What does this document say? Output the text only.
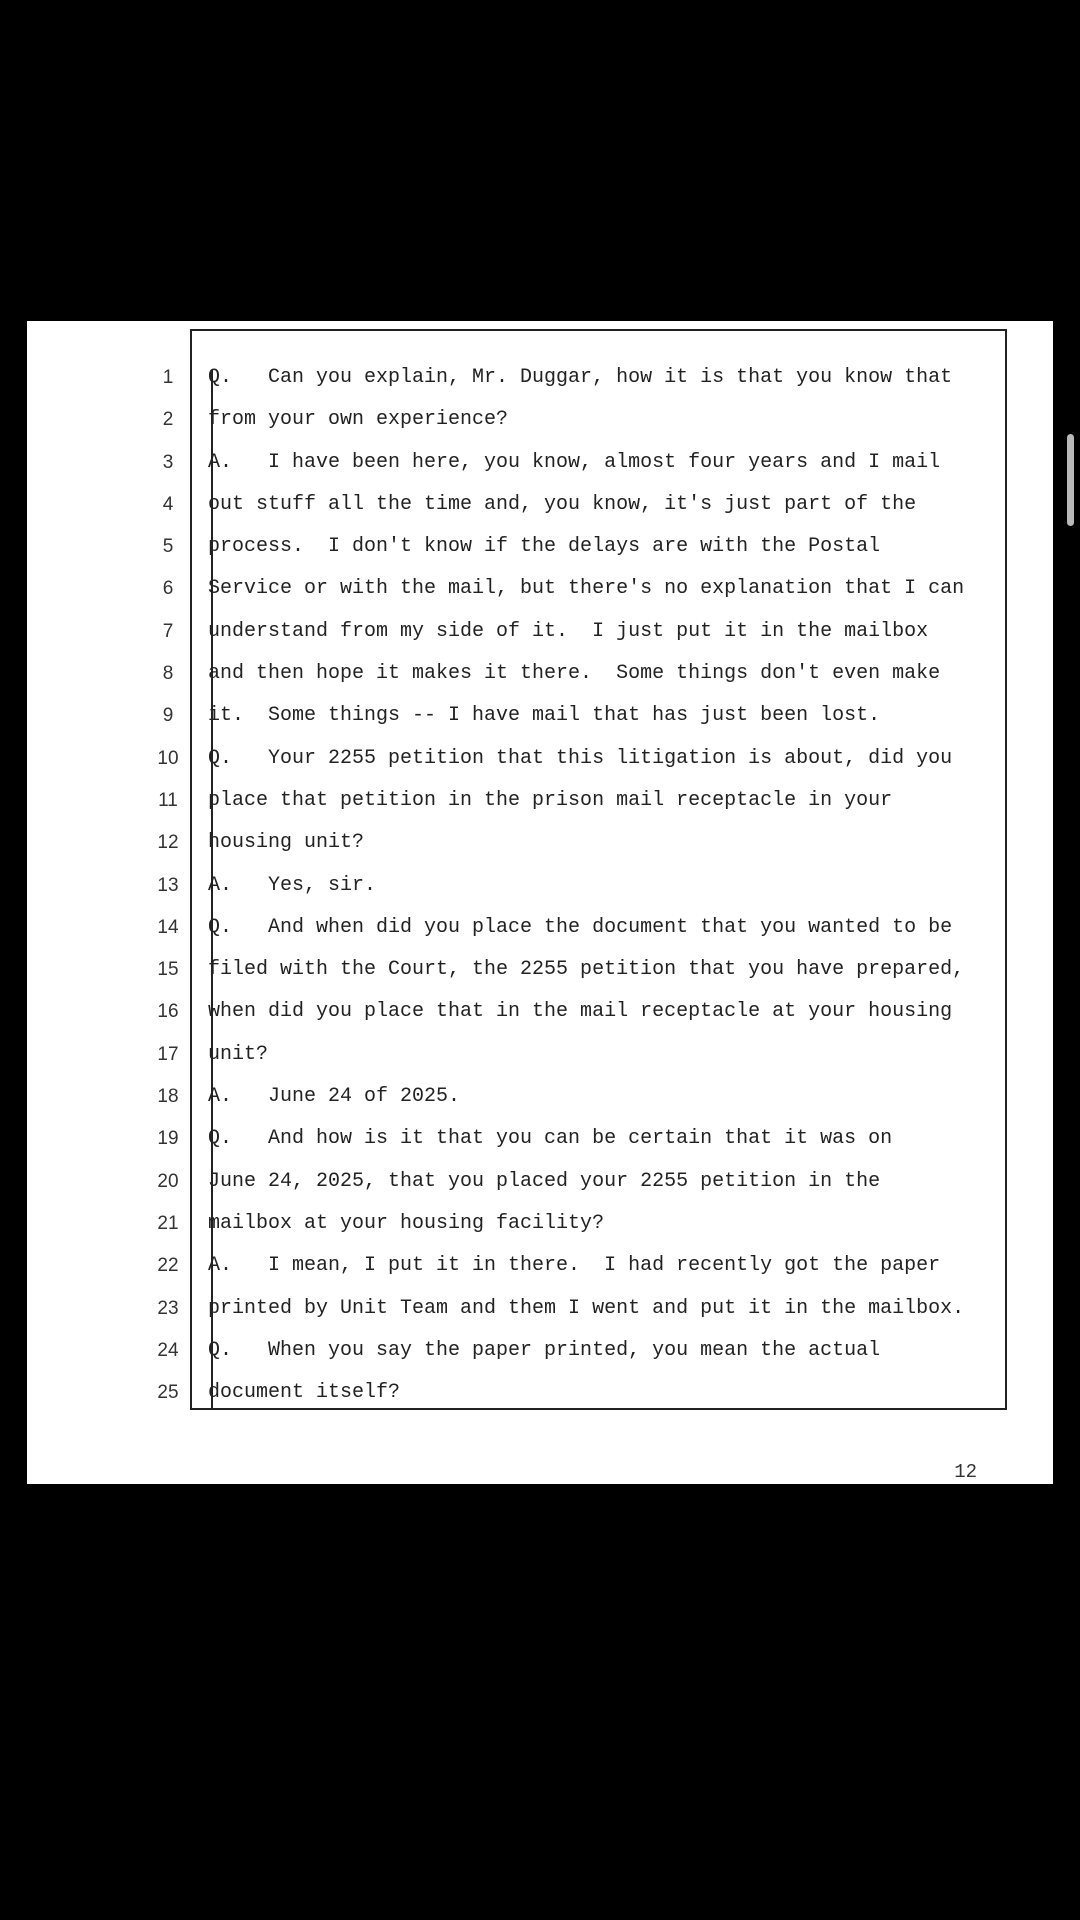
1	Q.   Can you explain, Mr. Duggar, how it is that you know that
2	from your own experience?
3	A.   I have been here, you know, almost four years and I mail
4	out stuff all the time and, you know, it's just part of the
5	process.  I don't know if the delays are with the Postal
6	Service or with the mail, but there's no explanation that I can
7	understand from my side of it.  I just put it in the mailbox
8	and then hope it makes it there.  Some things don't even make
9	it.  Some things -- I have mail that has just been lost.
10	Q.   Your 2255 petition that this litigation is about, did you
11	place that petition in the prison mail receptacle in your
12	housing unit?
13	A.   Yes, sir.
14	Q.   And when did you place the document that you wanted to be
15	filed with the Court, the 2255 petition that you have prepared,
16	when did you place that in the mail receptacle at your housing
17	unit?
18	A.   June 24 of 2025.
19	Q.   And how is it that you can be certain that it was on
20	June 24, 2025, that you placed your 2255 petition in the
21	mailbox at your housing facility?
22	A.   I mean, I put it in there.  I had recently got the paper
23	printed by Unit Team and them I went and put it in the mailbox.
24	Q.   When you say the paper printed, you mean the actual
25	document itself?
12
